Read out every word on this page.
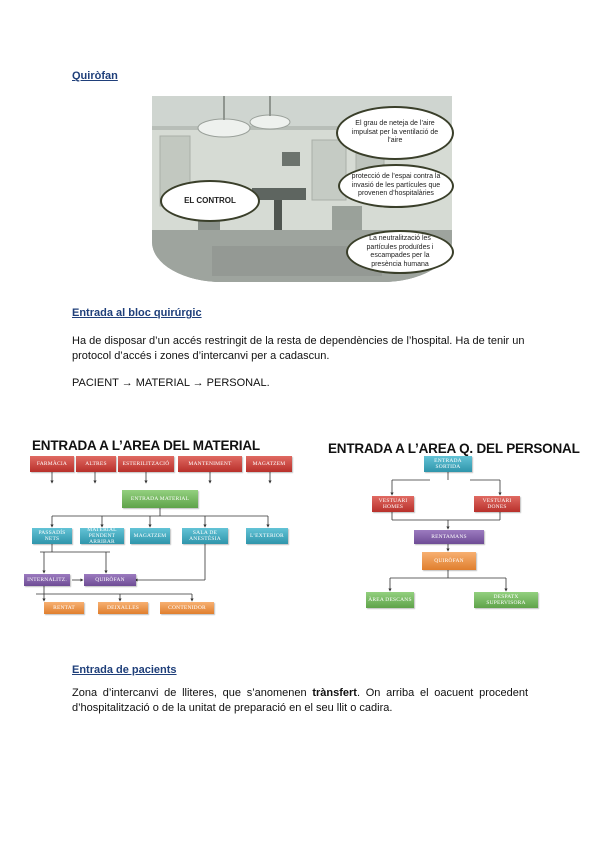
Quiròfan
EL CONTROL
El grau de neteja de l’aire impulsat per la ventilació de l’aire
protecció de l’espai contra la invasió de les partícules que provenen d’hospitalàries
La neutralització les partícules produïdes i escampades per la presència humana
Entrada al bloc quirúrgic

Ha de disposar d’un accés restringit de la resta de dependències de l’hospital. Ha de tenir un protocol d’accés i zones d’intercanvi per a cadascun.

PACIENT → MATERIAL → PERSONAL.

ENTRADA A L’AREA DEL MATERIAL

FARMÀCIA	ALTRES	ESTERILITZACIÓ	MANTENIMENT	MAGATZEM
ENTRADA MATERIAL
PASSADÍS NETS
MATERIAL PENDENT ARRIBAR
MAGATZEM	SALA DE ANESTÈSIA	L’EXTERIOR
INTERNALITZ.	QUIRÒFAN
RENTAT	DEIXALLES	CONTENIDOR

ENTRADA A L’AREA Q. DEL PERSONAL

ENTRADA SORTIDA
VESTUARI HOMES
VESTUARI DONES
RENTAMANS
QUIRÒFAN
ÀREA DESCANS	DESPATX SUPERVISORA
Entrada de pacients

Zona d’intercanvi de lliteres, que s’anomenen trànsfert. On arriba el oacuent procedent d’hospitalització o de la unitat de preparació en el seu llit o cadira.
